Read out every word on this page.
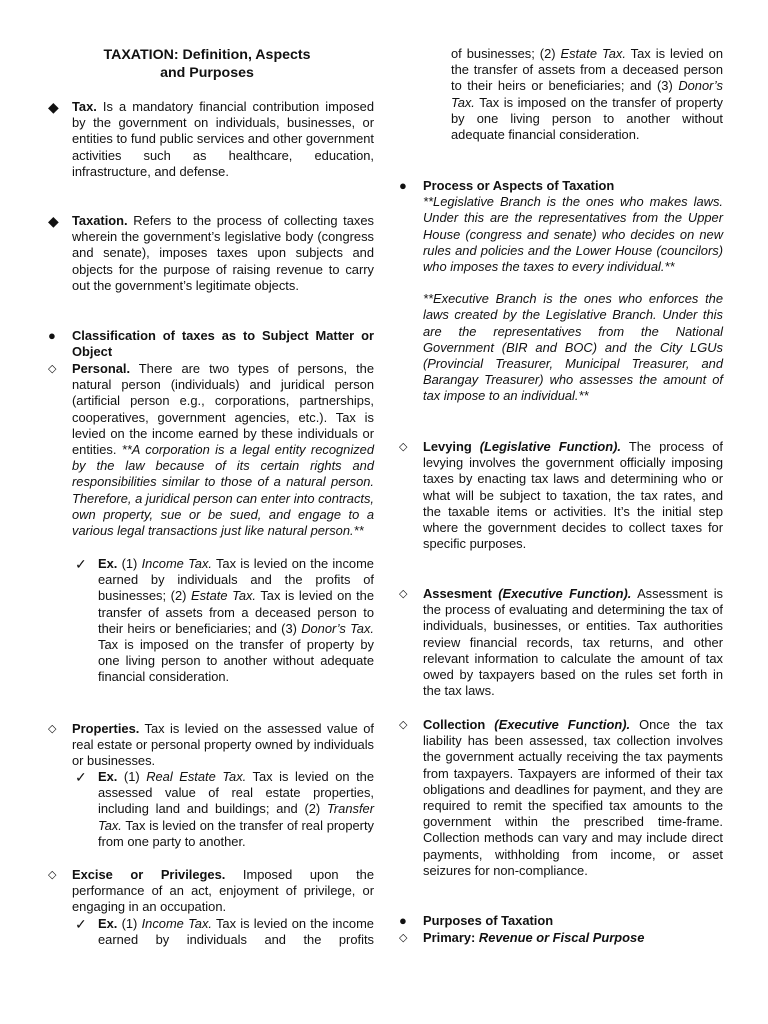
TAXATION: Definition, Aspects
and Purposes
◆ Tax. Is a mandatory financial contribution imposed by the government on individuals, businesses, or entities to fund public services and other government activities such as healthcare, education, infrastructure, and defense.
◆ Taxation. Refers to the process of collecting taxes wherein the government’s legislative body (congress and senate), imposes taxes upon subjects and objects for the purpose of raising revenue to carry out the government’s legitimate objects.
● Classification of taxes as to Subject Matter or Object
◇ Personal. There are two types of persons, the natural person (individuals) and juridical person (artificial person e.g., corporations, partnerships, cooperatives, government agencies, etc.). Tax is levied on the income earned by these individuals or entities. **A corporation is a legal entity recognized by the law because of its certain rights and responsibilities similar to those of a natural person. Therefore, a juridical person can enter into contracts, own property, sue or be sued, and engage to a various legal transactions just like natural person.**
✓ Ex. (1) Income Tax. Tax is levied on the income earned by individuals and the profits of businesses; (2) Estate Tax. Tax is levied on the transfer of assets from a deceased person to their heirs or beneficiaries; and (3) Donor’s Tax. Tax is imposed on the transfer of property by one living person to another without adequate financial consideration.
◇ Properties. Tax is levied on the assessed value of real estate or personal property owned by individuals or businesses.
✓ Ex. (1) Real Estate Tax. Tax is levied on the assessed value of real estate properties, including land and buildings; and (2) Transfer Tax. Tax is levied on the transfer of real property from one party to another.
◇ Excise or Privileges. Imposed upon the performance of an act, enjoyment of privilege, or engaging in an occupation.
✓ Ex. (1) Income Tax. Tax is levied on the income earned by individuals and the profits
of businesses; (2) Estate Tax. Tax is levied on the transfer of assets from a deceased person to their heirs or beneficiaries; and (3) Donor’s Tax. Tax is imposed on the transfer of property by one living person to another without adequate financial consideration.
● Process or Aspects of Taxation
**Legislative Branch is the ones who makes laws. Under this are the representatives from the Upper House (congress and senate) who decides on new rules and policies and the Lower House (councilors) who imposes the taxes to every individual.**
**Executive Branch is the ones who enforces the laws created by the Legislative Branch. Under this are the representatives from the National Government (BIR and BOC) and the City LGUs (Provincial Treasurer, Municipal Treasurer, and Barangay Treasurer) who assesses the amount of tax impose to an individual.**
◇ Levying (Legislative Function). The process of levying involves the government officially imposing taxes by enacting tax laws and determining who or what will be subject to taxation, the tax rates, and the taxable items or activities. It’s the initial step where the government decides to collect taxes for specific purposes.
◇ Assesment (Executive Function). Assessment is the process of evaluating and determining the tax of individuals, businesses, or entities. Tax authorities review financial records, tax returns, and other relevant information to calculate the amount of tax owed by taxpayers based on the rules set forth in the tax laws.
◇ Collection (Executive Function). Once the tax liability has been assessed, tax collection involves the government actually receiving the tax payments from taxpayers. Taxpayers are informed of their tax obligations and deadlines for payment, and they are required to remit the specified tax amounts to the government within the prescribed time-frame. Collection methods can vary and may include direct payments, withholding from income, or asset seizures for non-compliance.
● Purposes of Taxation
◇ Primary: Revenue or Fiscal Purpose
